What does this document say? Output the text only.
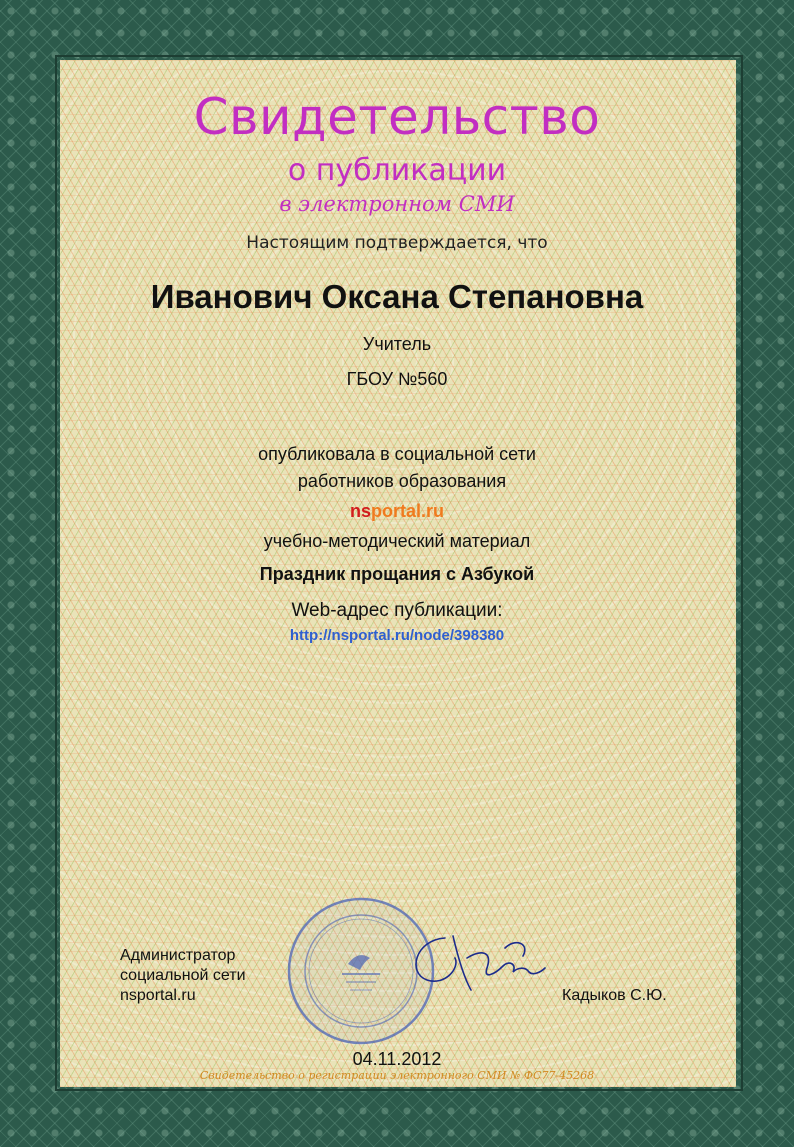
Свидетельство
о публикации
в электронном СМИ
Настоящим подтверждается, что
Иванович Оксана Степановна
Учитель
ГБОУ №560
опубликовала в социальной сети
работников образования
nsportal.ru
учебно-методический материал
Праздник прощания с Азбукой
Web-адрес публикации:
http://nsportal.ru/node/398380
Администратор
социальной сети
nsportal.ru	Кадыков С.Ю.
04.11.2012
Свидетельство о регистрации электронного СМИ № ФС77-45268
